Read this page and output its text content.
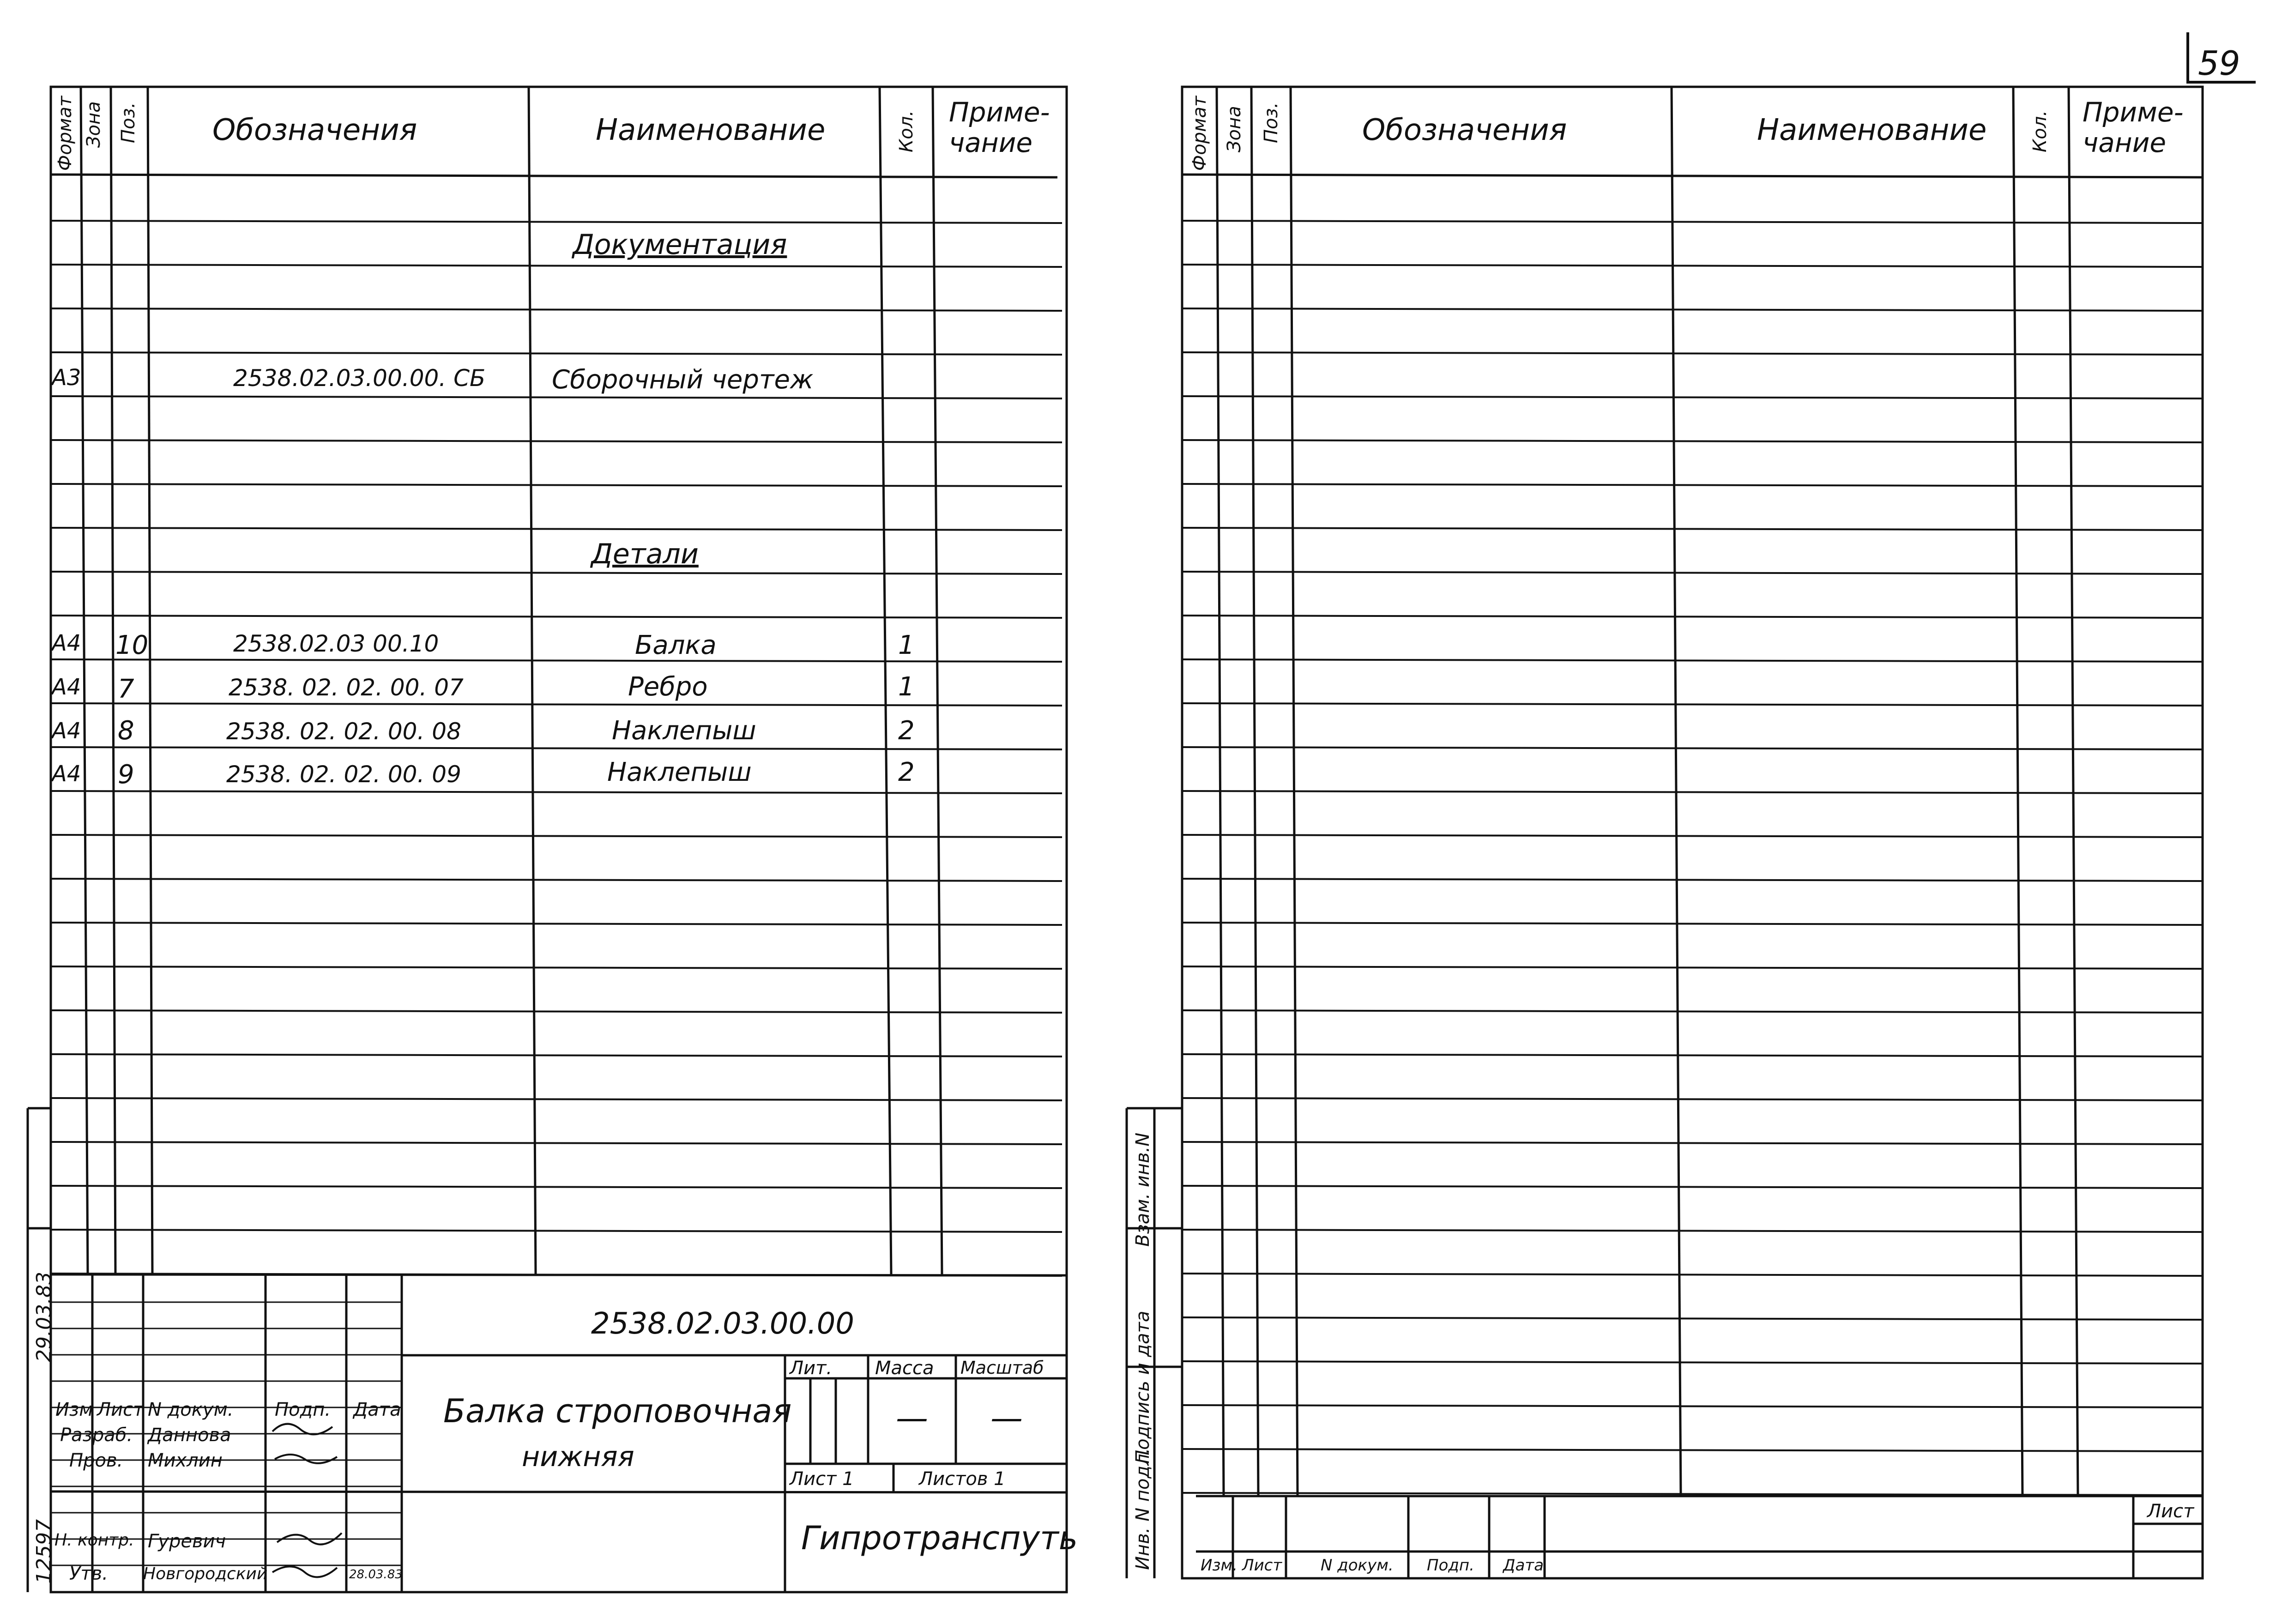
59
Формат Зона Поз. Обозначения	Наименование	Кол. Приме-
чание
Документация
Детали
А3	2538.02.03.00.00. СБ	Сборочный чертеж
А4 10	2538.02.03 00.10	Балка	1
А4 7	2538. 02. 02. 00. 07	Ребро	1
А4 8	2538. 02. 02. 00. 08	Наклепыш	2
А4 9	2538. 02. 02. 00. 09	Наклепыш	2
2538.02.03.00.00
Балка строповочная
нижняя
Изм Лист N докум. Подп. Дата
Разраб. Даннова
Пров. Михлин
Н. контр. Гуревич
Утв. Новгородский	28.03.83
Лит. Масса Масштаб
— —
Лист 1	Листов 1
Гипротранспуть
12597
29.03.83
Формат Зона Поз.	Обозначения	Наименование Кол. Приме-
чание
Инв. N подл.
Подпись и дата
Взам. инв.N
Изм. Лист N докум. Подп. Дата
Лист
